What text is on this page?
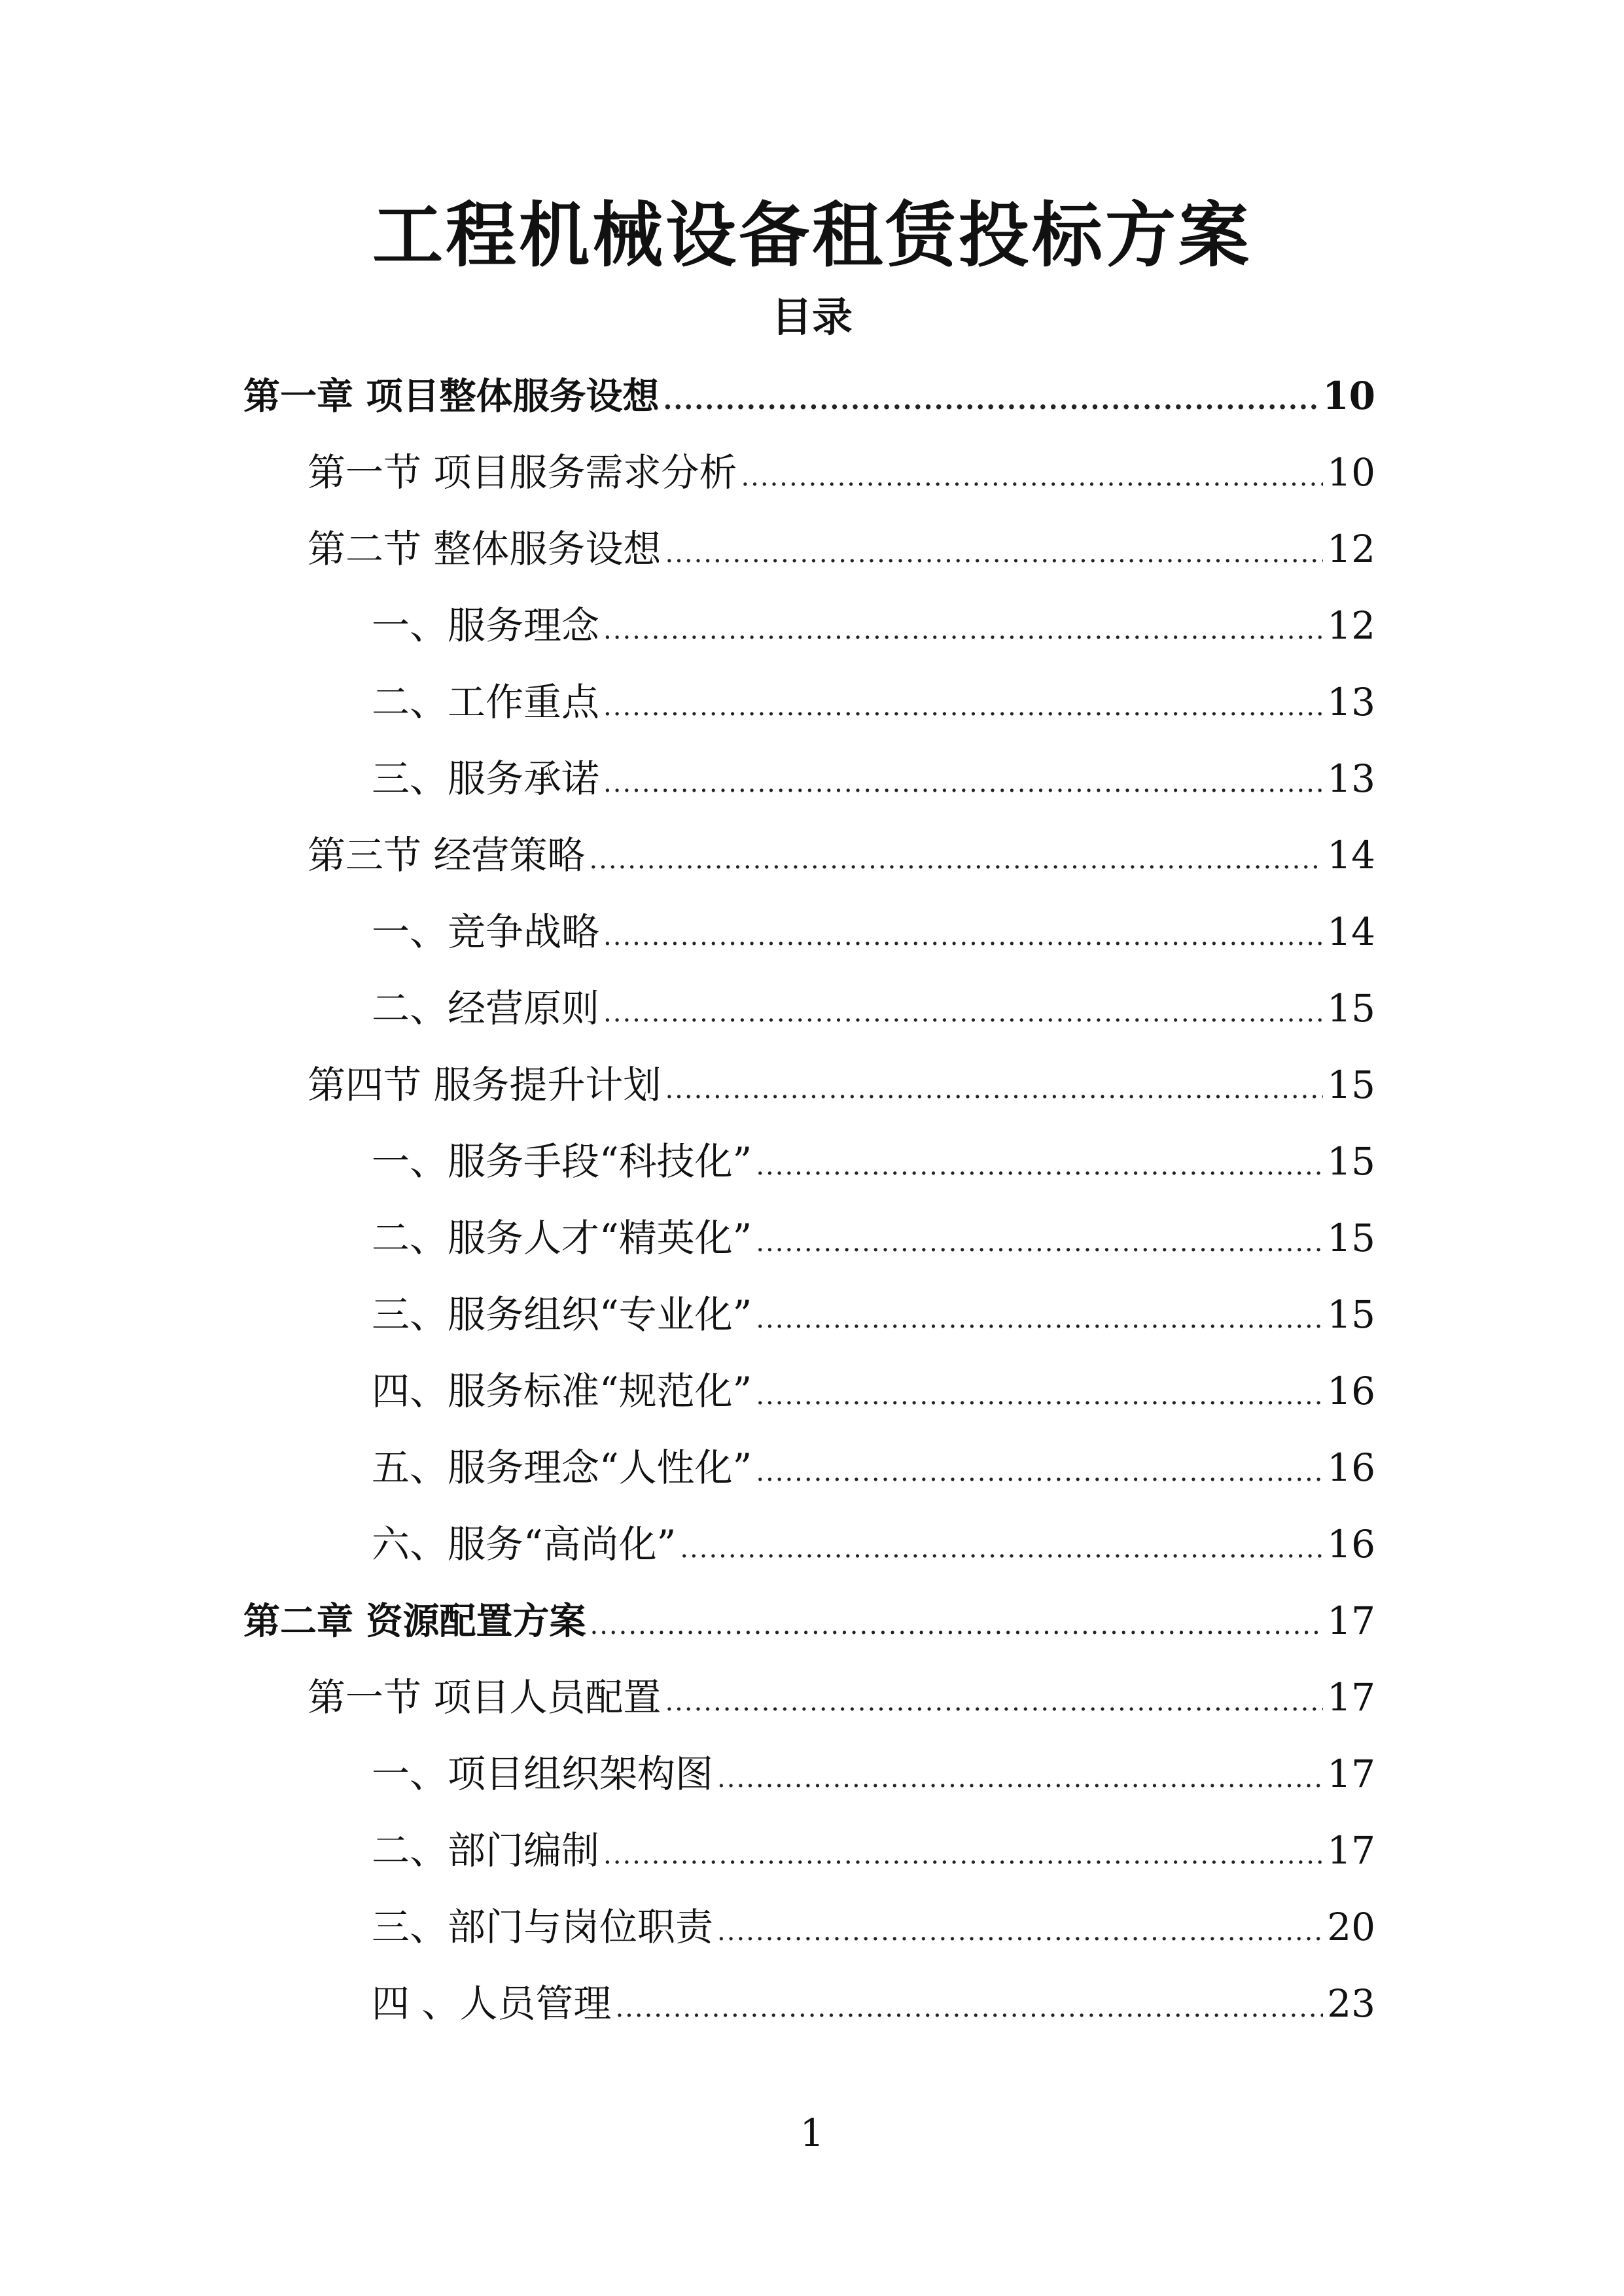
工程机械设备租赁投标方案
目录
第一章 项目整体服务设想 .....	10
第一节 项目服务需求分析 .....	10
第二节 整体服务设想 .....	12
一、服务理念 .....	12
二、工作重点 .....	13
三、服务承诺 .....	13
第三节 经营策略 .....	14
一、竞争战略 .....	14
二、经营原则 .....	15
第四节 服务提升计划 .....	15
一、服务手段“科技化” .....	15
二、服务人才“精英化” .....	15
三、服务组织“专业化” .....	15
四、服务标准“规范化” .....	16
五、服务理念“人性化” .....	16
六、服务“高尚化” .....	16
第二章 资源配置方案 .....	17
第一节 项目人员配置 .....	17
一、项目组织架构图 .....	17
二、部门编制 .....	17
三、部门与岗位职责 .....	20
四 、人员管理 .....	23
1
